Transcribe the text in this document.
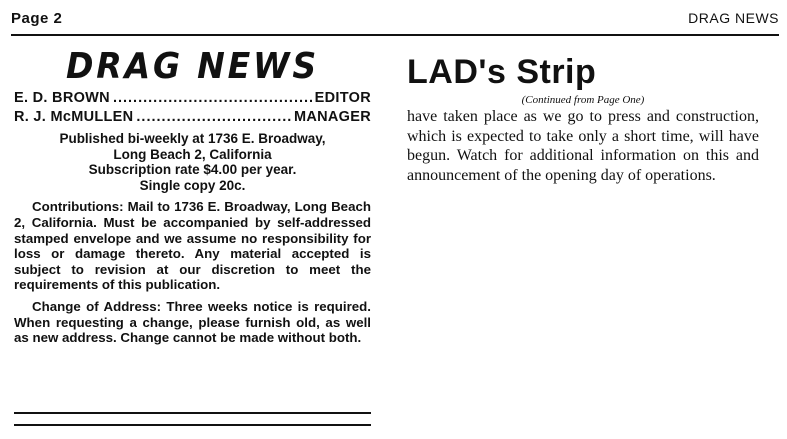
Page 2	DRAG NEWS
DRAG NEWS
E. D. BROWN .....	EDITOR
R. J. McMULLEN .....	MANAGER
Published bi-weekly at 1736 E. Broadway,
Long Beach 2, California
Subscription rate $4.00 per year.
Single copy 20c.
Contributions: Mail to 1736 E. Broadway, Long Beach 2, California. Must be accompanied by self-addressed stamped envelope and we assume no responsibility for loss or damage thereto. Any material accepted is subject to revision at our discretion to meet the requirements of this publication.
Change of Address: Three weeks notice is required. When requesting a change, please furnish old, as well as new address. Change cannot be made without both.
LAD's Strip
(Continued from Page One)
have taken place as we go to press and construction, which is expected to take only a short time, will have begun. Watch for additional information on this and announcement of the opening day of operations.
